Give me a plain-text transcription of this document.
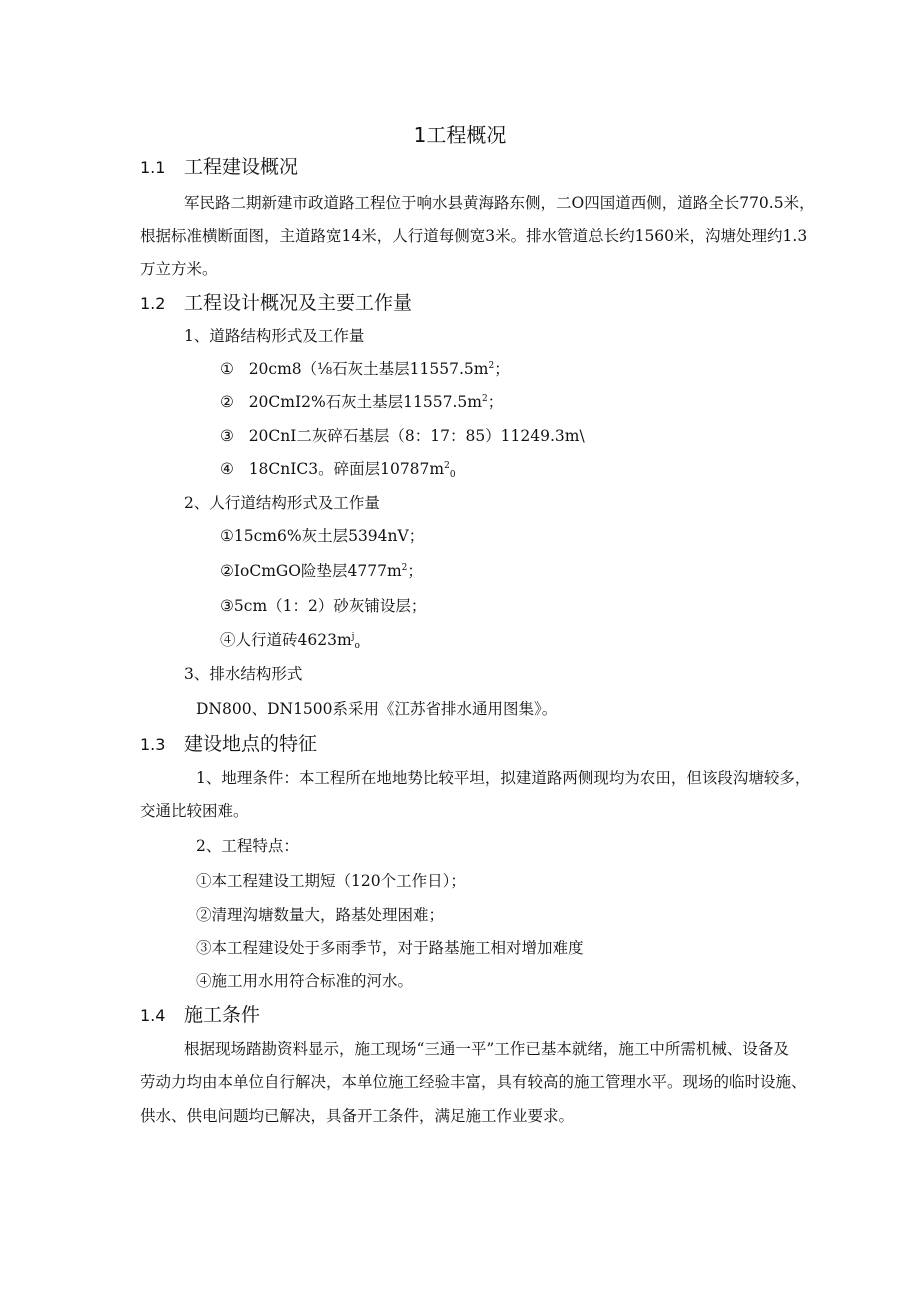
1工程概况
1.1 工程建设概况
军民路二期新建市政道路工程位于响水县黄海路东侧，二O四国道西侧，道路全长770.5米，
根据标准横断面图，主道路宽14米，人行道每侧宽3米。排水管道总长约1560米，沟塘处理约1.3
万立方米。
1.2 工程设计概况及主要工作量
1、道路结构形式及工作量
① 20cm8（⅛石灰土基层$11557.5m^2$；
② 20CmI2%石灰土基层$11557.5m^2$；
③ 20CnI二灰碎石基层（8：17：85）11249.3m\
④ 18CnIC3。碎面层$10787m^2_0$
2、人行道结构形式及工作量
①15cm6%灰土层5394nV；
②IoCmGO险垫层$4777m^2$；
③5cm（1：2）砂灰铺设层；
④人行道砖$4623m^j_o$
3、排水结构形式
DN800、DN1500系采用《江苏省排水通用图集》。
1.3 建设地点的特征
1、地理条件：本工程所在地地势比较平坦，拟建道路两侧现均为农田，但该段沟塘较多，
交通比较困难。
2、工程特点：
①本工程建设工期短（120个工作日）；
②清理沟塘数量大，路基处理困难；
③本工程建设处于多雨季节，对于路基施工相对增加难度
④施工用水用符合标准的河水。
1.4 施工条件
根据现场踏勘资料显示，施工现场“三通一平”工作已基本就绪，施工中所需机械、设备及
劳动力均由本单位自行解决，本单位施工经验丰富，具有较高的施工管理水平。现场的临时设施、
供水、供电问题均已解决，具备开工条件，满足施工作业要求。
